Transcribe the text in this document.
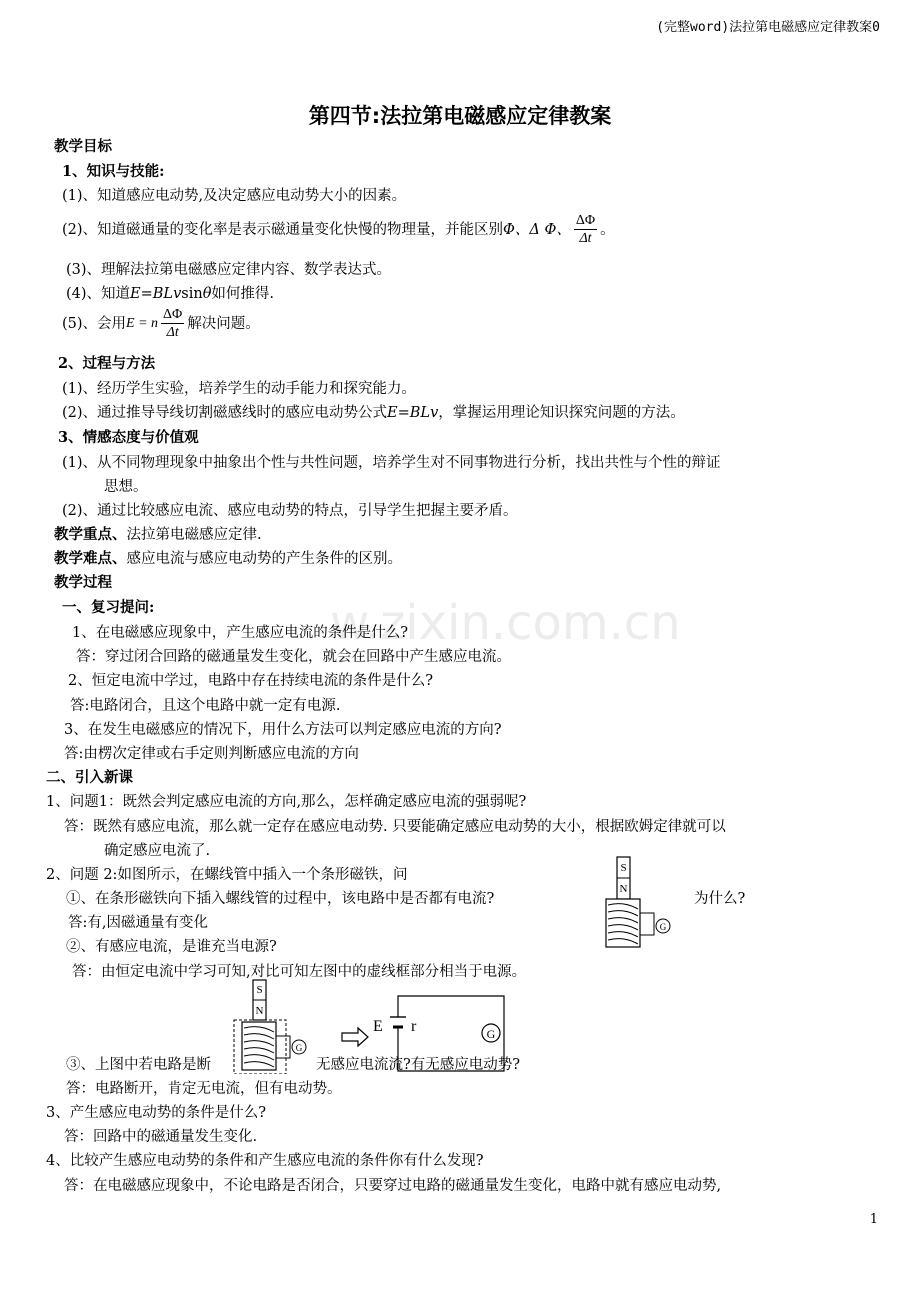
(完整word)法拉第电磁感应定律教案0
第四节:法拉第电磁感应定律教案
w.zixin.com.cn
教学目标
1、知识与技能:
(1)、知道感应电动势,及决定感应电动势大小的因素。
(2)、知道磁通量的变化率是表示磁通量变化快慢的物理量，并能区别 Φ、Δ Φ、 $\frac{\Delta\Phi}{\Delta t}$ 。
(3)、理解法拉第电磁感应定律内容、数学表达式。
(4)、知道E=BLvsinθ如何推得.
(5)、会用 E = n $\frac{\Delta\Phi}{\Delta t}$ 解决问题。
2、过程与方法
(1)、经历学生实验，培养学生的动手能力和探究能力。
(2)、通过推导导线切割磁感线时的感应电动势公式E=BLv，掌握运用理论知识探究问题的方法。
3、情感态度与价值观
(1)、从不同物理现象中抽象出个性与共性问题，培养学生对不同事物进行分析，找出共性与个性的辩证
思想。
(2)、通过比较感应电流、感应电动势的特点，引导学生把握主要矛盾。
教学重点、法拉第电磁感应定律.
教学难点、感应电流与感应电动势的产生条件的区别。
教学过程
一、复习提问:
1、在电磁感应现象中，产生感应电流的条件是什么?
答：穿过闭合回路的磁通量发生变化，就会在回路中产生感应电流。
2、恒定电流中学过，电路中存在持续电流的条件是什么?
答:电路闭合，且这个电路中就一定有电源.
3、在发生电磁感应的情况下，用什么方法可以判定感应电流的方向?
答:由楞次定律或右手定则判断感应电流的方向
二、引入新课
1、问题1：既然会判定感应电流的方向,那么，怎样确定感应电流的强弱呢?
答：既然有感应电流，那么就一定存在感应电动势. 只要能确定感应电动势的大小，根据欧姆定律就可以
确定感应电流了.
2、问题 2:如图所示，在螺线管中插入一个条形磁铁，问
①、在条形磁铁向下插入螺线管的过程中，该电路中是否都有电流?	为什么?
答:有,因磁通量有变化
②、有感应电流，是谁充当电源?
答：由恒定电流中学习可知,对比可知左图中的虚线框部分相当于电源。
S
N
G
S
N
G
E r	G
③、上图中若电路是断	无感应电流流?有无感应电动势?
答：电路断开，肯定无电流，但有电动势。
3、产生感应电动势的条件是什么?
答：回路中的磁通量发生变化.
4、比较产生感应电动势的条件和产生感应电流的条件你有什么发现?
答：在电磁感应现象中，不论电路是否闭合，只要穿过电路的磁通量发生变化，电路中就有感应电动势,
1
